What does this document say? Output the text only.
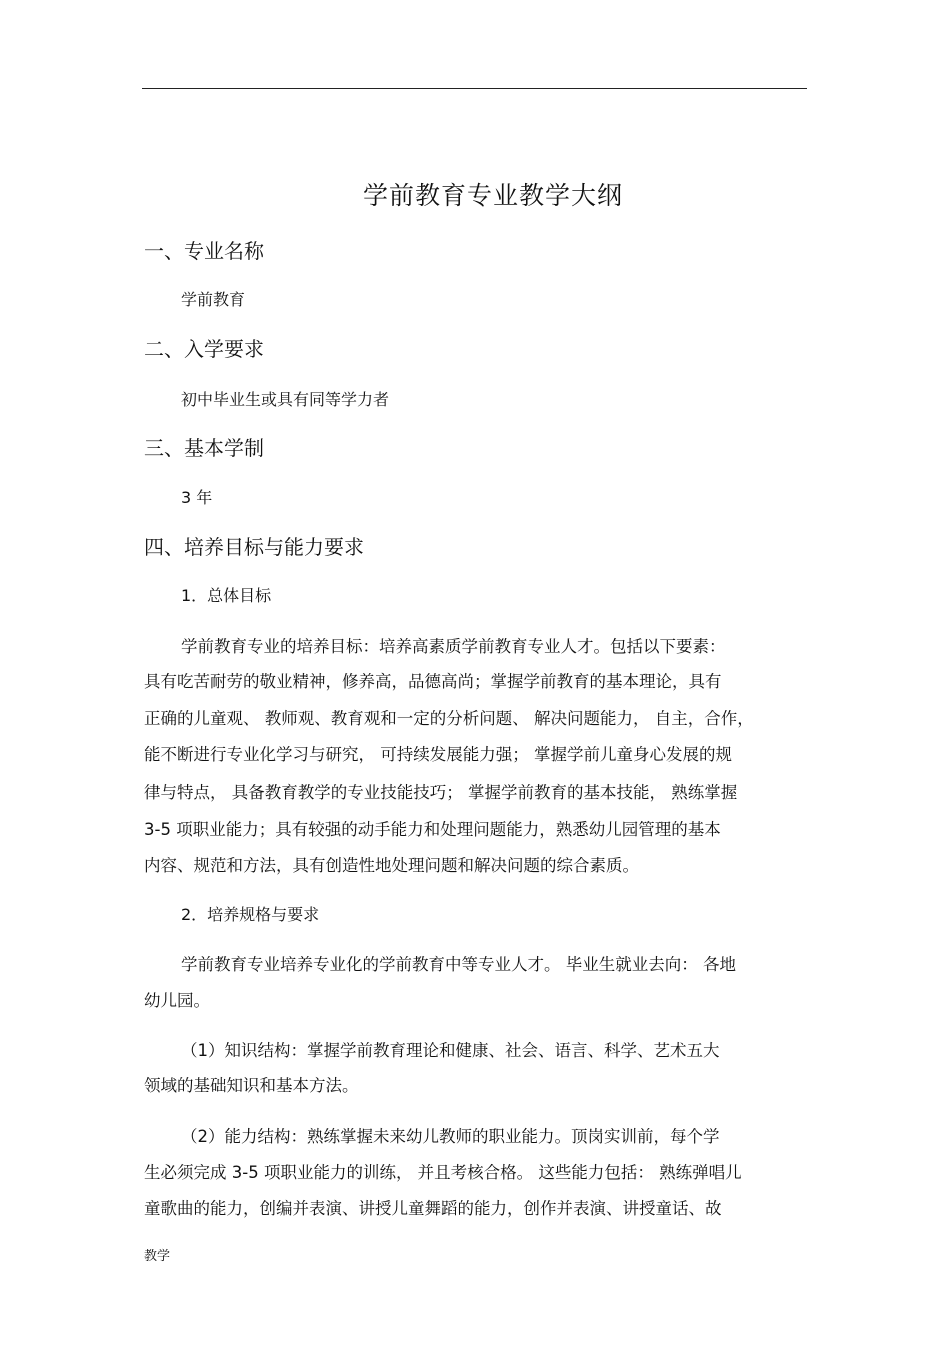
学前教育专业教学大纲
一、专业名称
学前教育
二、入学要求
初中毕业生或具有同等学力者
三、基本学制
3 年
四、培养目标与能力要求
1．总体目标
学前教育专业的培养目标：培养高素质学前教育专业人才。包括以下要素：
具有吃苦耐劳的敬业精神，修养高，品德高尚；掌握学前教育的基本理论，具有
正确的儿童观、 教师观、教育观和一定的分析问题、 解决问题能力， 自主，合作，
能不断进行专业化学习与研究， 可持续发展能力强； 掌握学前儿童身心发展的规
律与特点， 具备教育教学的专业技能技巧； 掌握学前教育的基本技能， 熟练掌握
3-5 项职业能力；具有较强的动手能力和处理问题能力，熟悉幼儿园管理的基本
内容、规范和方法，具有创造性地处理问题和解决问题的综合素质。
2．培养规格与要求
学前教育专业培养专业化的学前教育中等专业人才。 毕业生就业去向： 各地
幼儿园。
（1）知识结构：掌握学前教育理论和健康、社会、语言、科学、艺术五大
领域的基础知识和基本方法。
（2）能力结构：熟练掌握未来幼儿教师的职业能力。顶岗实训前，每个学
生必须完成 3-5 项职业能力的训练， 并且考核合格。 这些能力包括： 熟练弹唱儿
童歌曲的能力，创编并表演、讲授儿童舞蹈的能力，创作并表演、讲授童话、故
教学
